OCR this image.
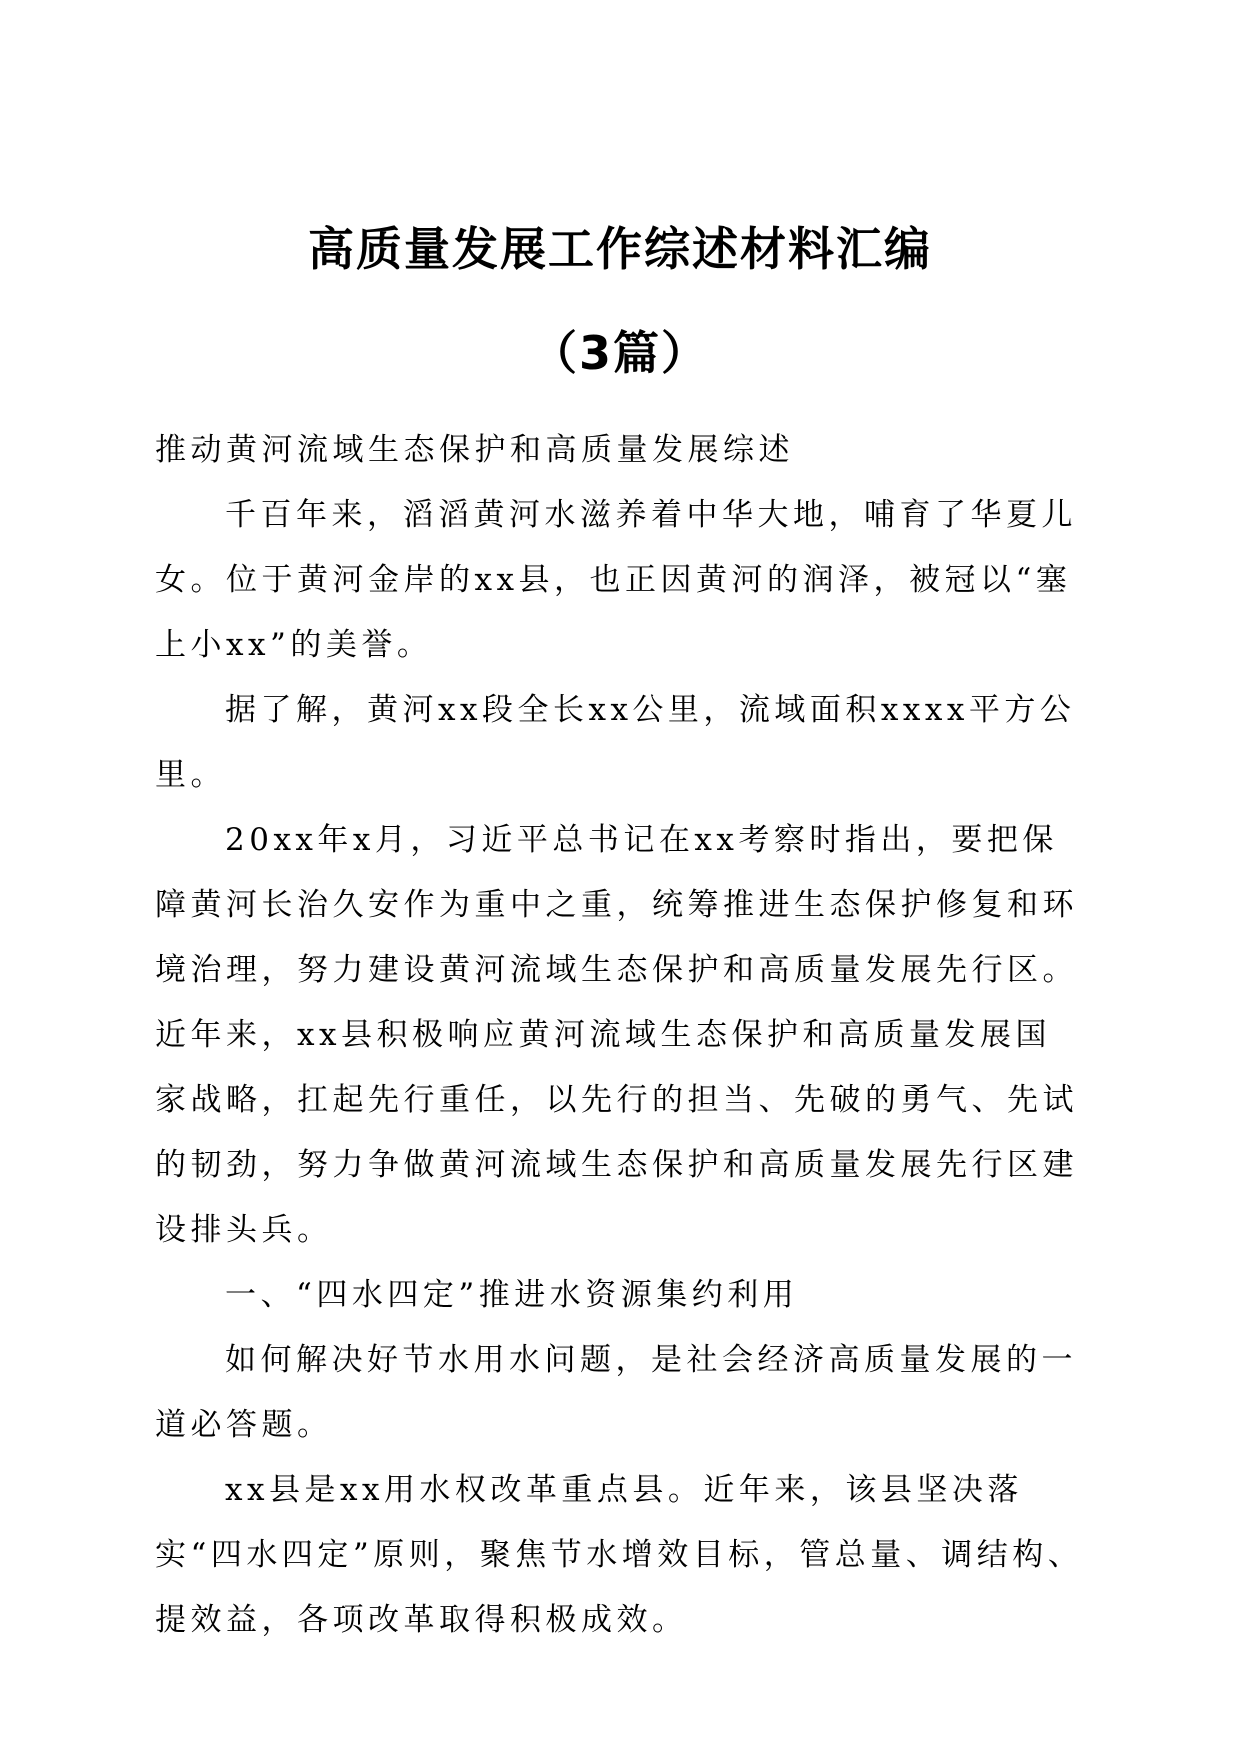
高质量发展工作综述材料汇编
（3篇）

推动黄河流域生态保护和高质量发展综述

千百年来，滔滔黄河水滋养着中华大地，哺育了华夏儿女。位于黄河金岸的xx县，也正因黄河的润泽，被冠以“塞上小xx”的美誉。

据了解，黄河xx段全长xx公里，流域面积xxxx平方公里。

20xx年x月，习近平总书记在xx考察时指出，要把保障黄河长治久安作为重中之重，统筹推进生态保护修复和环境治理，努力建设黄河流域生态保护和高质量发展先行区。近年来，xx县积极响应黄河流域生态保护和高质量发展国家战略，扛起先行重任，以先行的担当、先破的勇气、先试的韧劲，努力争做黄河流域生态保护和高质量发展先行区建设排头兵。

一、“四水四定”推进水资源集约利用

如何解决好节水用水问题，是社会经济高质量发展的一道必答题。

xx县是xx用水权改革重点县。近年来，该县坚决落实“四水四定”原则，聚焦节水增效目标，管总量、调结构、提效益，各项改革取得积极成效。
